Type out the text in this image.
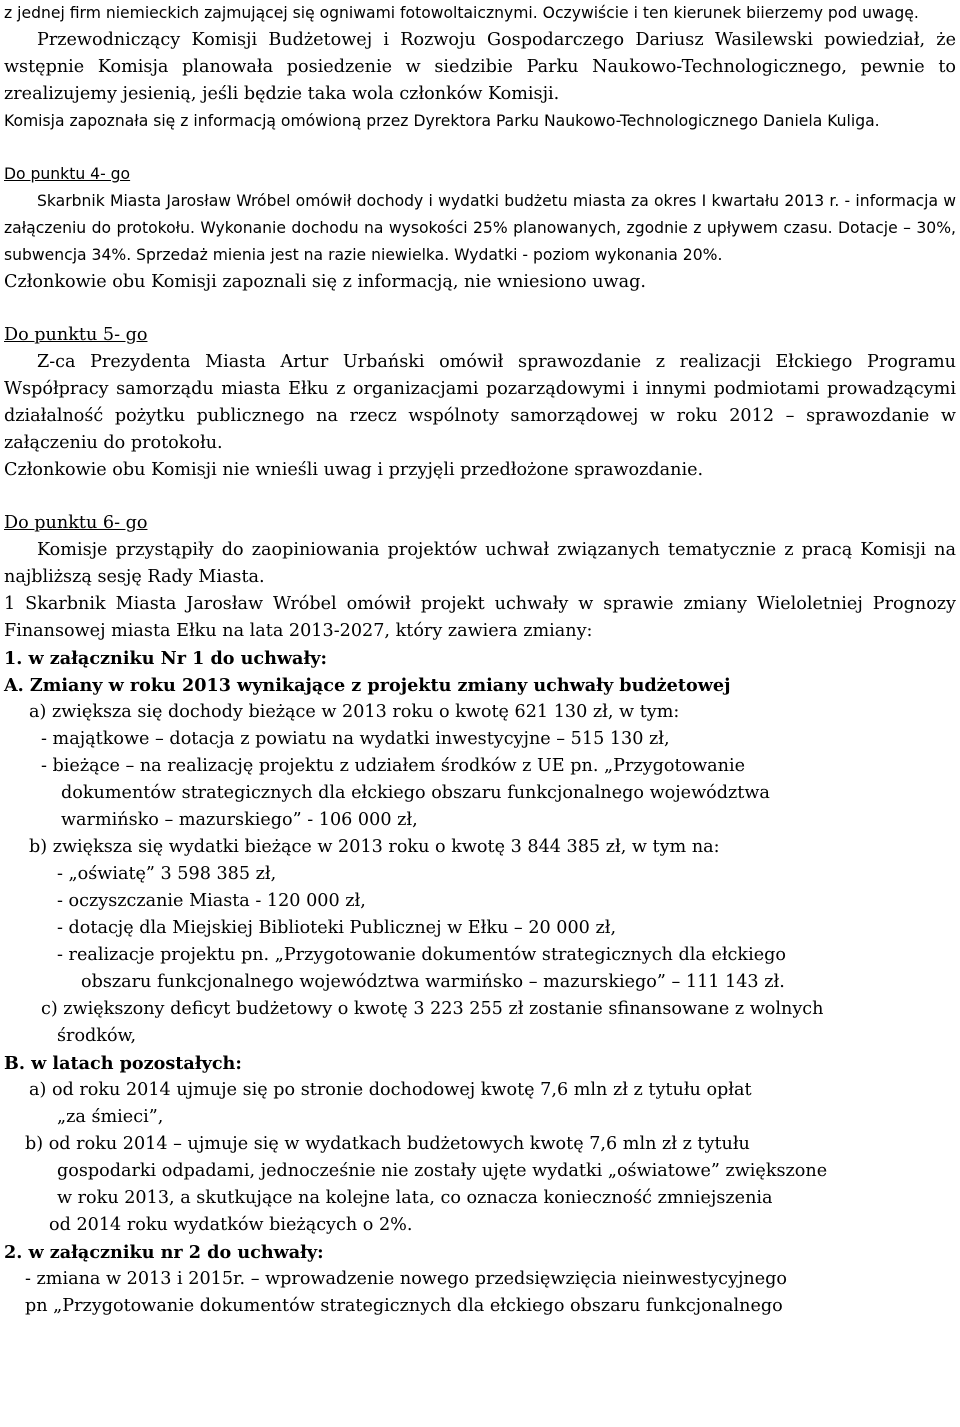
z jednej firm niemieckich zajmującej się ogniwami fotowoltaicznymi. Oczywiście i ten kierunek biierzemy pod uwagę.

Przewodniczący Komisji Budżetowej i Rozwoju Gospodarczego Dariusz Wasilewski powiedział, że wstępnie Komisja planowała posiedzenie w siedzibie Parku Naukowo-Technologicznego, pewnie to zrealizujemy jesienią, jeśli będzie taka wola członków Komisji.

Komisja zapoznała się z informacją omówioną przez Dyrektora Parku Naukowo-Technologicznego Daniela Kuliga.

Do punktu 4- go

Skarbnik Miasta Jarosław Wróbel omówił dochody i wydatki budżetu miasta za okres I kwartału 2013 r. - informacja w załączeniu do protokołu. Wykonanie dochodu na wysokości 25% planowanych, zgodnie z upływem czasu. Dotacje – 30%, subwencja 34%. Sprzedaż mienia jest na razie niewielka. Wydatki - poziom wykonania 20%.

Członkowie obu Komisji zapoznali się z informacją, nie wniesiono uwag.

Do punktu 5- go

Z-ca Prezydenta Miasta Artur Urbański omówił sprawozdanie z realizacji Ełckiego Programu Współpracy samorządu miasta Ełku z organizacjami pozarządowymi i innymi podmiotami prowadzącymi działalność pożytku publicznego na rzecz wspólnoty samorządowej w roku 2012 – sprawozdanie w załączeniu do protokołu.

Członkowie obu Komisji nie wnieśli uwag i przyjęli przedłożone sprawozdanie.

Do punktu 6- go

Komisje przystąpiły do zaopiniowania projektów uchwał związanych tematycznie z pracą Komisji na najbliższą sesję Rady Miasta.

1 Skarbnik Miasta Jarosław Wróbel omówił projekt uchwały w sprawie zmiany Wieloletniej Prognozy Finansowej miasta Ełku na lata 2013-2027, który zawiera zmiany:

1. w załączniku Nr 1 do uchwały:

A. Zmiany w roku 2013 wynikające z projektu zmiany uchwały budżetowej

a) zwiększa się dochody bieżące w 2013 roku o kwotę 621 130 zł, w tym:

- majątkowe – dotacja z powiatu na wydatki inwestycyjne – 515 130 zł,

- bieżące – na realizację projektu z udziałem środków z UE pn. „Przygotowanie

dokumentów strategicznych dla ełckiego obszaru funkcjonalnego województwa

warmińsko – mazurskiego” - 106 000 zł,

b) zwiększa się wydatki bieżące w 2013 roku o kwotę 3 844 385 zł, w tym na:

- „oświatę” 3 598 385 zł,

- oczyszczanie Miasta - 120 000 zł,

- dotację dla Miejskiej Biblioteki Publicznej w Ełku – 20 000 zł,

- realizacje projektu pn. „Przygotowanie dokumentów strategicznych dla ełckiego

obszaru funkcjonalnego województwa warmińsko – mazurskiego” – 111 143 zł.

c) zwiększony deficyt budżetowy o kwotę 3 223 255 zł zostanie sfinansowane z wolnych

środków,

B. w latach pozostałych:

a) od roku 2014 ujmuje się po stronie dochodowej kwotę 7,6 mln zł z tytułu opłat

„za śmieci”,

b) od roku 2014 – ujmuje się w wydatkach budżetowych kwotę 7,6 mln zł z tytułu

gospodarki odpadami, jednocześnie nie zostały ujęte wydatki „oświatowe” zwiększone

w roku 2013, a skutkujące na kolejne lata, co oznacza konieczność zmniejszenia

od 2014 roku wydatków bieżących o 2%.

2. w załączniku nr 2 do uchwały:

- zmiana w 2013 i 2015r. – wprowadzenie nowego przedsięwzięcia nieinwestycyjnego

pn „Przygotowanie dokumentów strategicznych dla ełckiego obszaru funkcjonalnego
